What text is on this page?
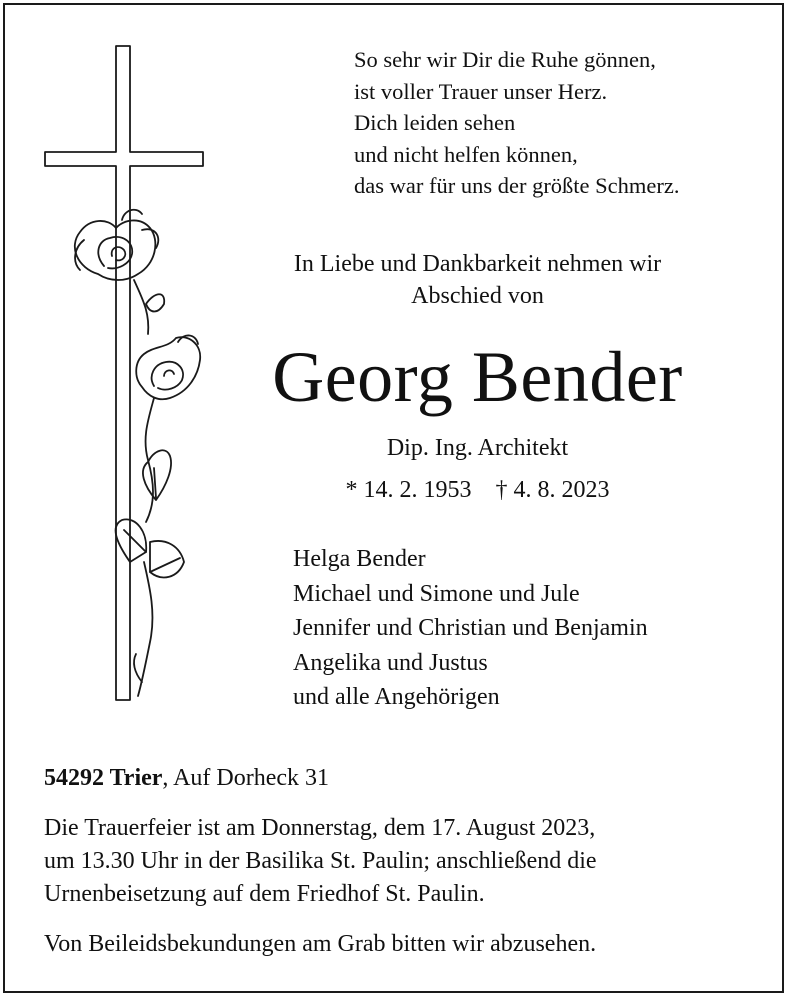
So sehr wir Dir die Ruhe gönnen,
ist voller Trauer unser Herz.
Dich leiden sehen
und nicht helfen können,
das war für uns der größte Schmerz.
In Liebe und Dankbarkeit nehmen wir
Abschied von
Georg Bender
Dip. Ing. Architekt
* 14. 2. 1953 † 4. 8. 2023
Helga Bender
Michael und Simone und Jule
Jennifer und Christian und Benjamin
Angelika und Justus
und alle Angehörigen
54292 Trier, Auf Dorheck 31
Die Trauerfeier ist am Donnerstag, dem 17. August 2023,
um 13.30 Uhr in der Basilika St. Paulin; anschließend die
Urnenbeisetzung auf dem Friedhof St. Paulin.
Von Beileidsbekundungen am Grab bitten wir abzusehen.
